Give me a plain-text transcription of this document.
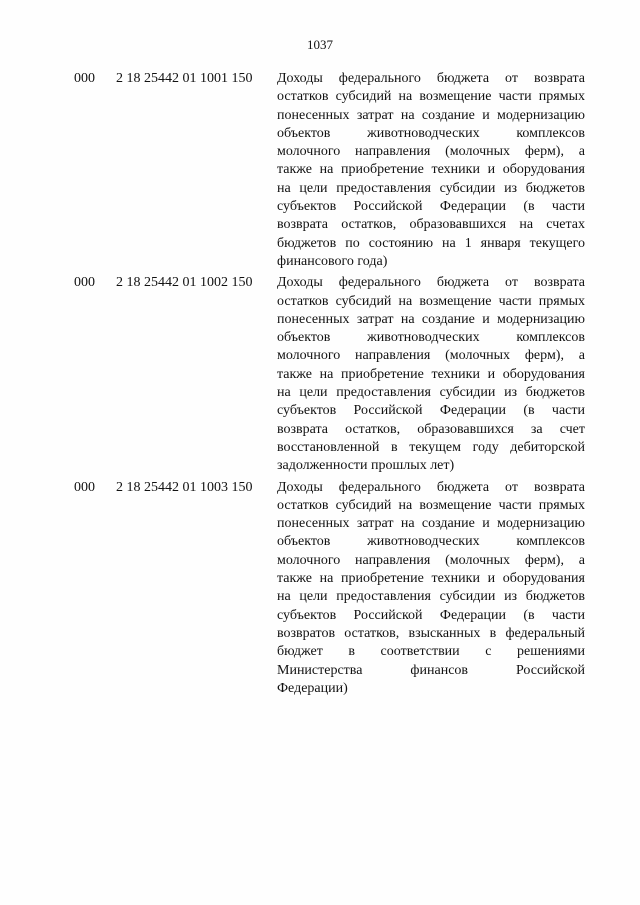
1037
000 2 18 25442 01 1001 150 Доходы федерального бюджета от возврата
остатков субсидий на возмещение части прямых
понесенных затрат на создание и модернизацию
объектов животноводческих комплексов
молочного направления (молочных ферм), а
также на приобретение техники и оборудования
на цели предоставления субсидии из бюджетов
субъектов Российской Федерации (в части
возврата остатков, образовавшихся на счетах
бюджетов по состоянию на 1 января текущего
финансового года)
000 2 18 25442 01 1002 150 Доходы федерального бюджета от возврата
остатков субсидий на возмещение части прямых
понесенных затрат на создание и модернизацию
объектов животноводческих комплексов
молочного направления (молочных ферм), а
также на приобретение техники и оборудования
на цели предоставления субсидии из бюджетов
субъектов Российской Федерации (в части
возврата остатков, образовавшихся за счет
восстановленной в текущем году дебиторской
задолженности прошлых лет)
000 2 18 25442 01 1003 150 Доходы федерального бюджета от возврата
остатков субсидий на возмещение части прямых
понесенных затрат на создание и модернизацию
объектов животноводческих комплексов
молочного направления (молочных ферм), а
также на приобретение техники и оборудования
на цели предоставления субсидии из бюджетов
субъектов Российской Федерации (в части
возвратов остатков, взысканных в федеральный
бюджет в соответствии с решениями
Министерства финансов Российской
Федерации)
